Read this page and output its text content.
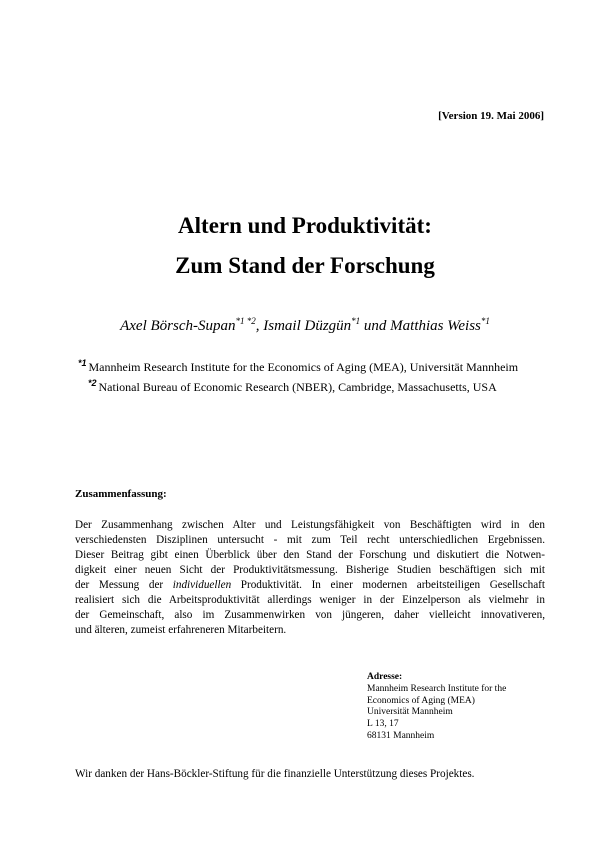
[Version 19. Mai 2006]
Altern und Produktivität:
Zum Stand der Forschung
Axel Börsch-Supan$^{*1 *2}$, Ismail Düzgün$^{*1}$ und Matthias Weiss$^{*1}$
$^{*1}$ Mannheim Research Institute for the Economics of Aging (MEA), Universität Mannheim
$^{*2}$ National Bureau of Economic Research (NBER), Cambridge, Massachusetts, USA
Zusammenfassung:
Der Zusammenhang zwischen Alter und Leistungsfähigkeit von Beschäftigten wird in den
verschiedensten Disziplinen untersucht - mit zum Teil recht unterschiedlichen Ergebnissen.
Dieser Beitrag gibt einen Überblick über den Stand der Forschung und diskutiert die Notwen-
digkeit einer neuen Sicht der Produktivitätsmessung. Bisherige Studien beschäftigen sich mit
der Messung der individuellen Produktivität. In einer modernen arbeitsteiligen Gesellschaft
realisiert sich die Arbeitsproduktivität allerdings weniger in der Einzelperson als vielmehr in
der Gemeinschaft, also im Zusammenwirken von jüngeren, daher vielleicht innovativeren,
und älteren, zumeist erfahreneren Mitarbeitern.
Adresse:
Mannheim Research Institute for the
Economics of Aging (MEA)
Universität Mannheim
L 13, 17
68131 Mannheim
Wir danken der Hans-Böckler-Stiftung für die finanzielle Unterstützung dieses Projektes.
